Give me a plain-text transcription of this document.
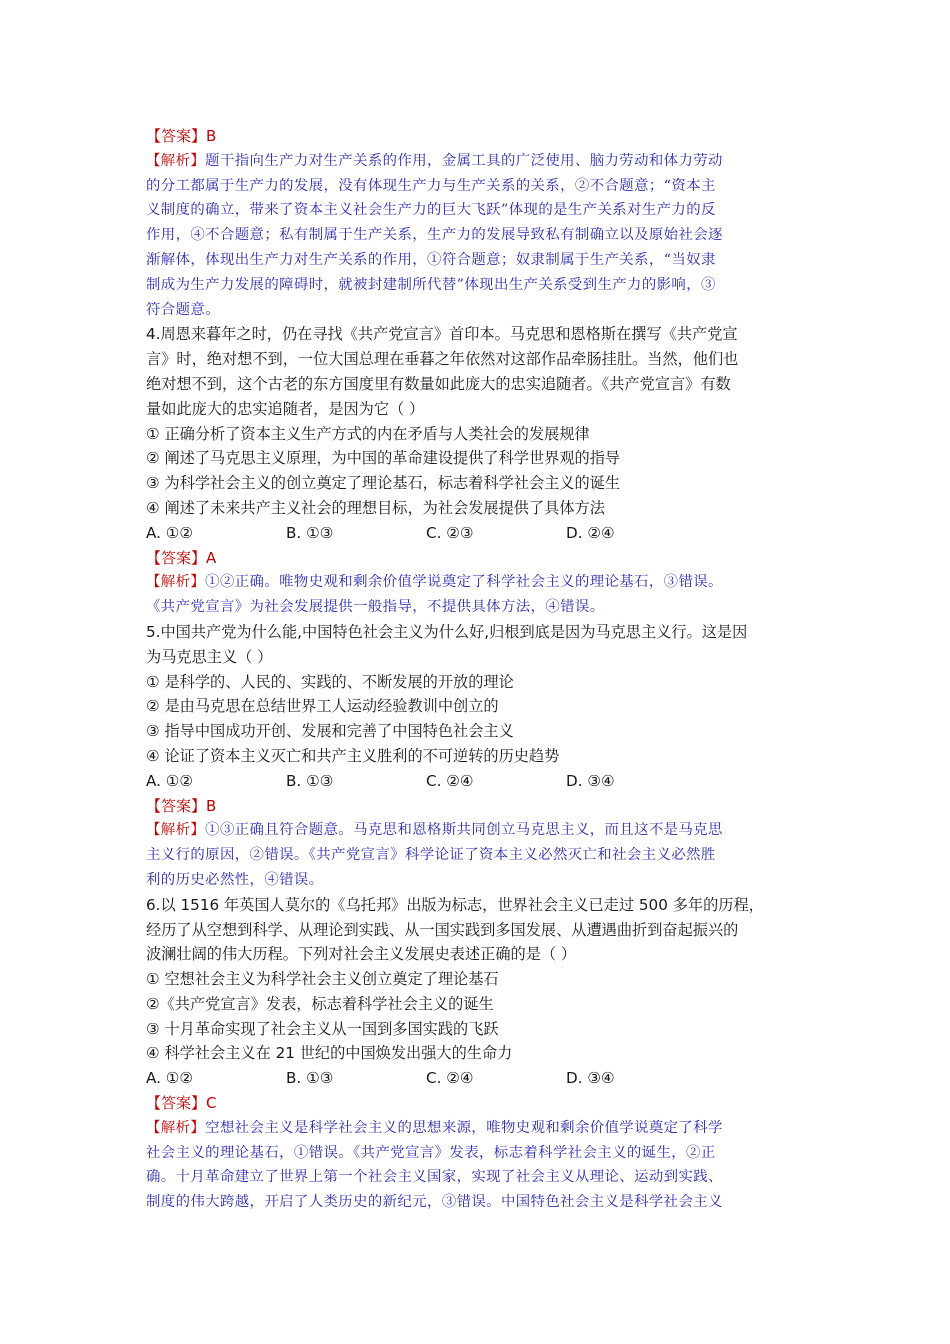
【答案】B

【解析】题干指向生产力对生产关系的作用，金属工具的广泛使用、脑力劳动和体力劳动

的分工都属于生产力的发展，没有体现生产力与生产关系的关系，②不合题意；“资本主

义制度的确立，带来了资本主义社会生产力的巨大飞跃”体现的是生产关系对生产力的反

作用，④不合题意；私有制属于生产关系，生产力的发展导致私有制确立以及原始社会逐

渐解体，体现出生产力对生产关系的作用，①符合题意；奴隶制属于生产关系，“当奴隶

制成为生产力发展的障碍时，就被封建制所代替”体现出生产关系受到生产力的影响，③

符合题意。

4.周恩来暮年之时，仍在寻找《共产党宣言》首印本。马克思和恩格斯在撰写《共产党宣

言》时，绝对想不到，一位大国总理在垂暮之年依然对这部作品牵肠挂肚。当然，他们也

绝对想不到，这个古老的东方国度里有数量如此庞大的忠实追随者。《共产党宣言》有数

量如此庞大的忠实追随者，是因为它（ ）

① 正确分析了资本主义生产方式的内在矛盾与人类社会的发展规律

② 阐述了马克思主义原理，为中国的革命建设提供了科学世界观的指导

③ 为科学社会主义的创立奠定了理论基石，标志着科学社会主义的诞生

④ 阐述了未来共产主义社会的理想目标，为社会发展提供了具体方法

A. ①②	B. ①③	C. ②③	D. ②④

【答案】A

【解析】①②正确。唯物史观和剩余价值学说奠定了科学社会主义的理论基石，③错误。

《共产党宣言》为社会发展提供一般指导，不提供具体方法，④错误。

5.中国共产党为什么能,中国特色社会主义为什么好,归根到底是因为马克思主义行。这是因

为马克思主义（ ）

① 是科学的、人民的、实践的、不断发展的开放的理论

② 是由马克思在总结世界工人运动经验教训中创立的

③ 指导中国成功开创、发展和完善了中国特色社会主义

④ 论证了资本主义灭亡和共产主义胜利的不可逆转的历史趋势

A. ①②	B. ①③	C. ②④	D. ③④

【答案】B

【解析】①③正确且符合题意。马克思和恩格斯共同创立马克思主义，而且这不是马克思

主义行的原因，②错误。《共产党宣言》科学论证了资本主义必然灭亡和社会主义必然胜

利的历史必然性，④错误。

6.以 1516 年英国人莫尔的《乌托邦》出版为标志，世界社会主义已走过 500 多年的历程，

经历了从空想到科学、从理论到实践、从一国实践到多国发展、从遭遇曲折到奋起振兴的

波澜壮阔的伟大历程。下列对社会主义发展史表述正确的是（ ）

① 空想社会主义为科学社会主义创立奠定了理论基石

②《共产党宣言》发表，标志着科学社会主义的诞生

③ 十月革命实现了社会主义从一国到多国实践的飞跃

④ 科学社会主义在 21 世纪的中国焕发出强大的生命力

A. ①②	B. ①③	C. ②④	D. ③④

【答案】C

【解析】空想社会主义是科学社会主义的思想来源，唯物史观和剩余价值学说奠定了科学

社会主义的理论基石，①错误。《共产党宣言》发表，标志着科学社会主义的诞生，②正

确。十月革命建立了世界上第一个社会主义国家，实现了社会主义从理论、运动到实践、

制度的伟大跨越，开启了人类历史的新纪元，③错误。中国特色社会主义是科学社会主义
